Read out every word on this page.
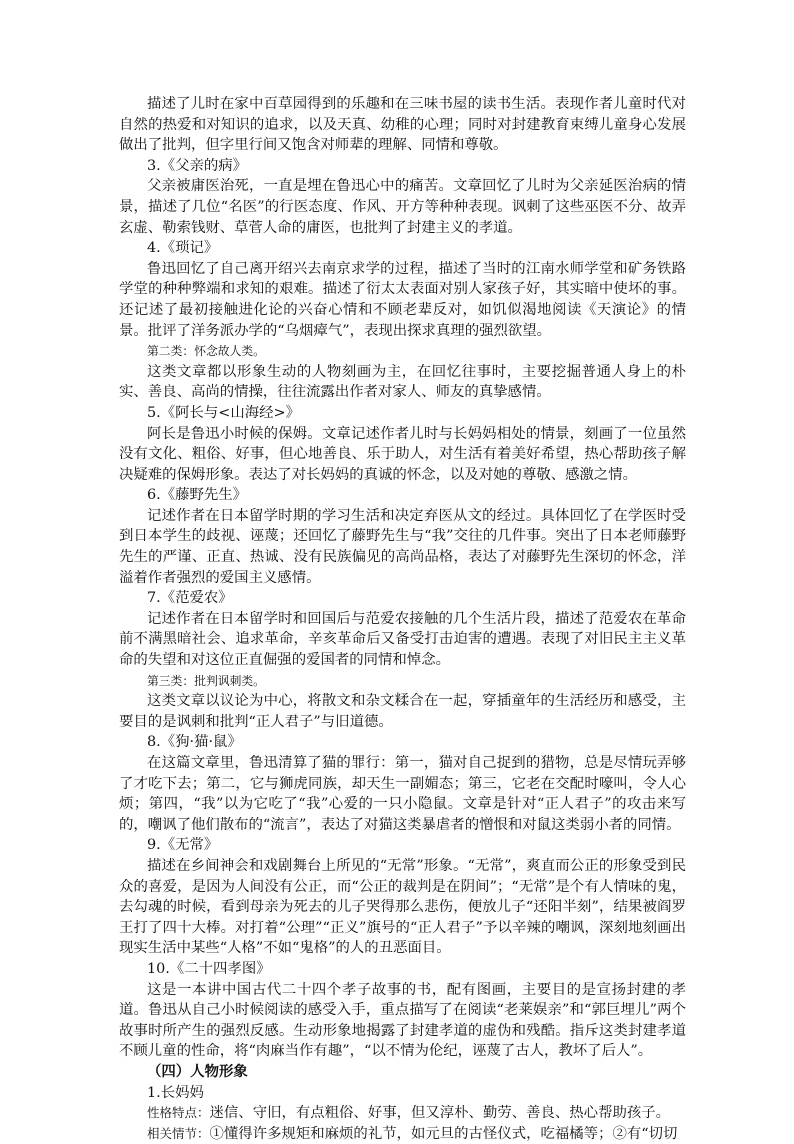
描述了儿时在家中百草园得到的乐趣和在三味书屋的读书生活。表现作者儿童时代对自然的热爱和对知识的追求，以及天真、幼稚的心理；同时对封建教育束缚儿童身心发展做出了批判，但字里行间又饱含对师辈的理解、同情和尊敬。

3.《父亲的病》

父亲被庸医治死，一直是埋在鲁迅心中的痛苦。文章回忆了儿时为父亲延医治病的情景，描述了几位“名医”的行医态度、作风、开方等种种表现。讽刺了这些巫医不分、故弄玄虚、勒索钱财、草菅人命的庸医，也批判了封建主义的孝道。

4.《琐记》

鲁迅回忆了自己离开绍兴去南京求学的过程，描述了当时的江南水师学堂和矿务铁路学堂的种种弊端和求知的艰难。描述了衍太太表面对别人家孩子好，其实暗中使坏的事。还记述了最初接触进化论的兴奋心情和不顾老辈反对，如饥似渴地阅读《天演论》的情景。批评了洋务派办学的“乌烟瘴气”，表现出探求真理的强烈欲望。

第二类：怀念故人类。

这类文章都以形象生动的人物刻画为主，在回忆往事时，主要挖掘普通人身上的朴实、善良、高尚的情操，往往流露出作者对家人、师友的真挚感情。

5.《阿长与<山海经>》

阿长是鲁迅小时候的保姆。文章记述作者儿时与长妈妈相处的情景，刻画了一位虽然没有文化、粗俗、好事，但心地善良、乐于助人，对生活有着美好希望，热心帮助孩子解决疑难的保姆形象。表达了对长妈妈的真诚的怀念，以及对她的尊敬、感激之情。

6.《藤野先生》

记述作者在日本留学时期的学习生活和决定弃医从文的经过。具体回忆了在学医时受到日本学生的歧视、诬蔑；还回忆了藤野先生与“我”交往的几件事。突出了日本老师藤野先生的严谨、正直、热诚、没有民族偏见的高尚品格，表达了对藤野先生深切的怀念，洋溢着作者强烈的爱国主义感情。

7.《范爱农》

记述作者在日本留学时和回国后与范爱农接触的几个生活片段，描述了范爱农在革命前不满黑暗社会、追求革命，辛亥革命后又备受打击迫害的遭遇。表现了对旧民主主义革命的失望和对这位正直倔强的爱国者的同情和悼念。

第三类：批判讽刺类。

这类文章以议论为中心，将散文和杂文糅合在一起，穿插童年的生活经历和感受，主要目的是讽刺和批判“正人君子”与旧道德。

8.《狗·猫·鼠》

在这篇文章里，鲁迅清算了猫的罪行：第一，猫对自己捉到的猎物，总是尽情玩弄够了才吃下去；第二，它与狮虎同族，却天生一副媚态；第三，它老在交配时嚎叫，令人心烦；第四，“我”以为它吃了“我”心爱的一只小隐鼠。文章是针对“正人君子”的攻击来写的，嘲讽了他们散布的“流言”，表达了对猫这类暴虐者的憎恨和对鼠这类弱小者的同情。

9.《无常》

描述在乡间神会和戏剧舞台上所见的“无常”形象。“无常”，爽直而公正的形象受到民众的喜爱，是因为人间没有公正，而“公正的裁判是在阴间”；“无常”是个有人情味的鬼，去勾魂的时候，看到母亲为死去的儿子哭得那么悲伤，便放儿子“还阳半刻”，结果被阎罗王打了四十大棒。对打着“公理”“正义”旗号的“正人君子”予以辛辣的嘲讽，深刻地刻画出现实生活中某些“人格”不如“鬼格”的人的丑恶面目。

10.《二十四孝图》

这是一本讲中国古代二十四个孝子故事的书，配有图画，主要目的是宣扬封建的孝道。鲁迅从自己小时候阅读的感受入手，重点描写了在阅读“老莱娱亲”和“郭巨埋儿”两个故事时所产生的强烈反感。生动形象地揭露了封建孝道的虚伪和残酷。指斥这类封建孝道不顾儿童的性命，将“肉麻当作有趣”，“以不情为伦纪，诬蔑了古人，教坏了后人”。

（四）人物形象

1.长妈妈

性格特点：迷信、守旧，有点粗俗、好事，但又淳朴、勤劳、善良、热心帮助孩子。

相关情节：①懂得许多规矩和麻烦的礼节，如元旦的古怪仪式，吃福橘等；②有“切切
